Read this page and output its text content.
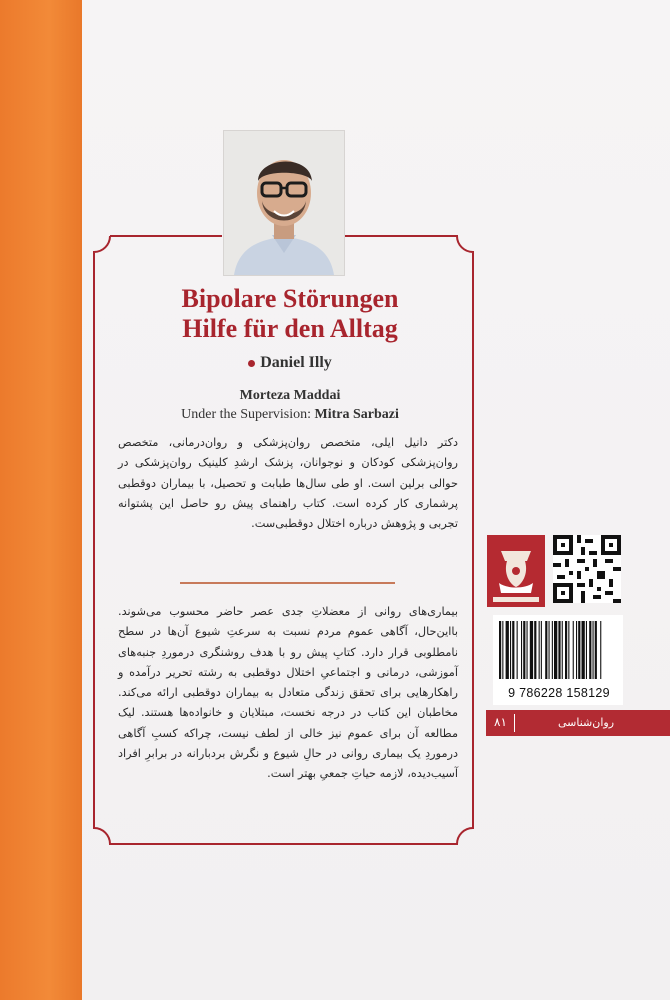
Bipolare Störungen
Hilfe für den Alltag
Daniel Illy
Morteza Maddai
Under the Supervision: Mitra Sarbazi
دکتر دانیل ایلی، متخصص روان‌پزشکی و روان‌درمانی، متخصص روان‌پزشکی کودکان و نوجوانان، پزشک ارشدِ کلینیک روان‌پزشکی در حوالی برلین است. او طی سال‌ها طبابت و تحصیل، با بیماران دوقطبی پرشماری کار کرده است. کتاب راهنمای پیش رو حاصل این پشتوانه تجربی و پژوهش درباره اختلال دوقطبی‌ست.
بیماری‌های روانی از معضلاتِ جدی عصر حاضر محسوب می‌شوند. بااین‌حال، آگاهی عموم مردم نسبت به سرعتِ شیوع آن‌ها در سطح نامطلوبی قرار دارد. کتابِ پیش رو با هدف روشنگری درموردِ جنبه‌های آموزشی، درمانی و اجتماعیِ اختلال دوقطبی به رشته تحریر درآمده و راهکارهایی برای تحقق زندگی متعادل به بیماران دوقطبی ارائه می‌کند. مخاطبان این کتاب در درجه نخست، مبتلایان و خانواده‌ها هستند. لیک مطالعه آن برای عموم نیز خالی از لطف نیست، چراکه کسبِ آگاهی درموردِ یک بیماری روانی در حالِ شیوع و نگرش بردبارانه در برابرِ افراد آسیب‌دیده، لازمه حیاتِ جمعیِ بهتر است.
9 786228 158129
۸۱	روان‌شناسی
